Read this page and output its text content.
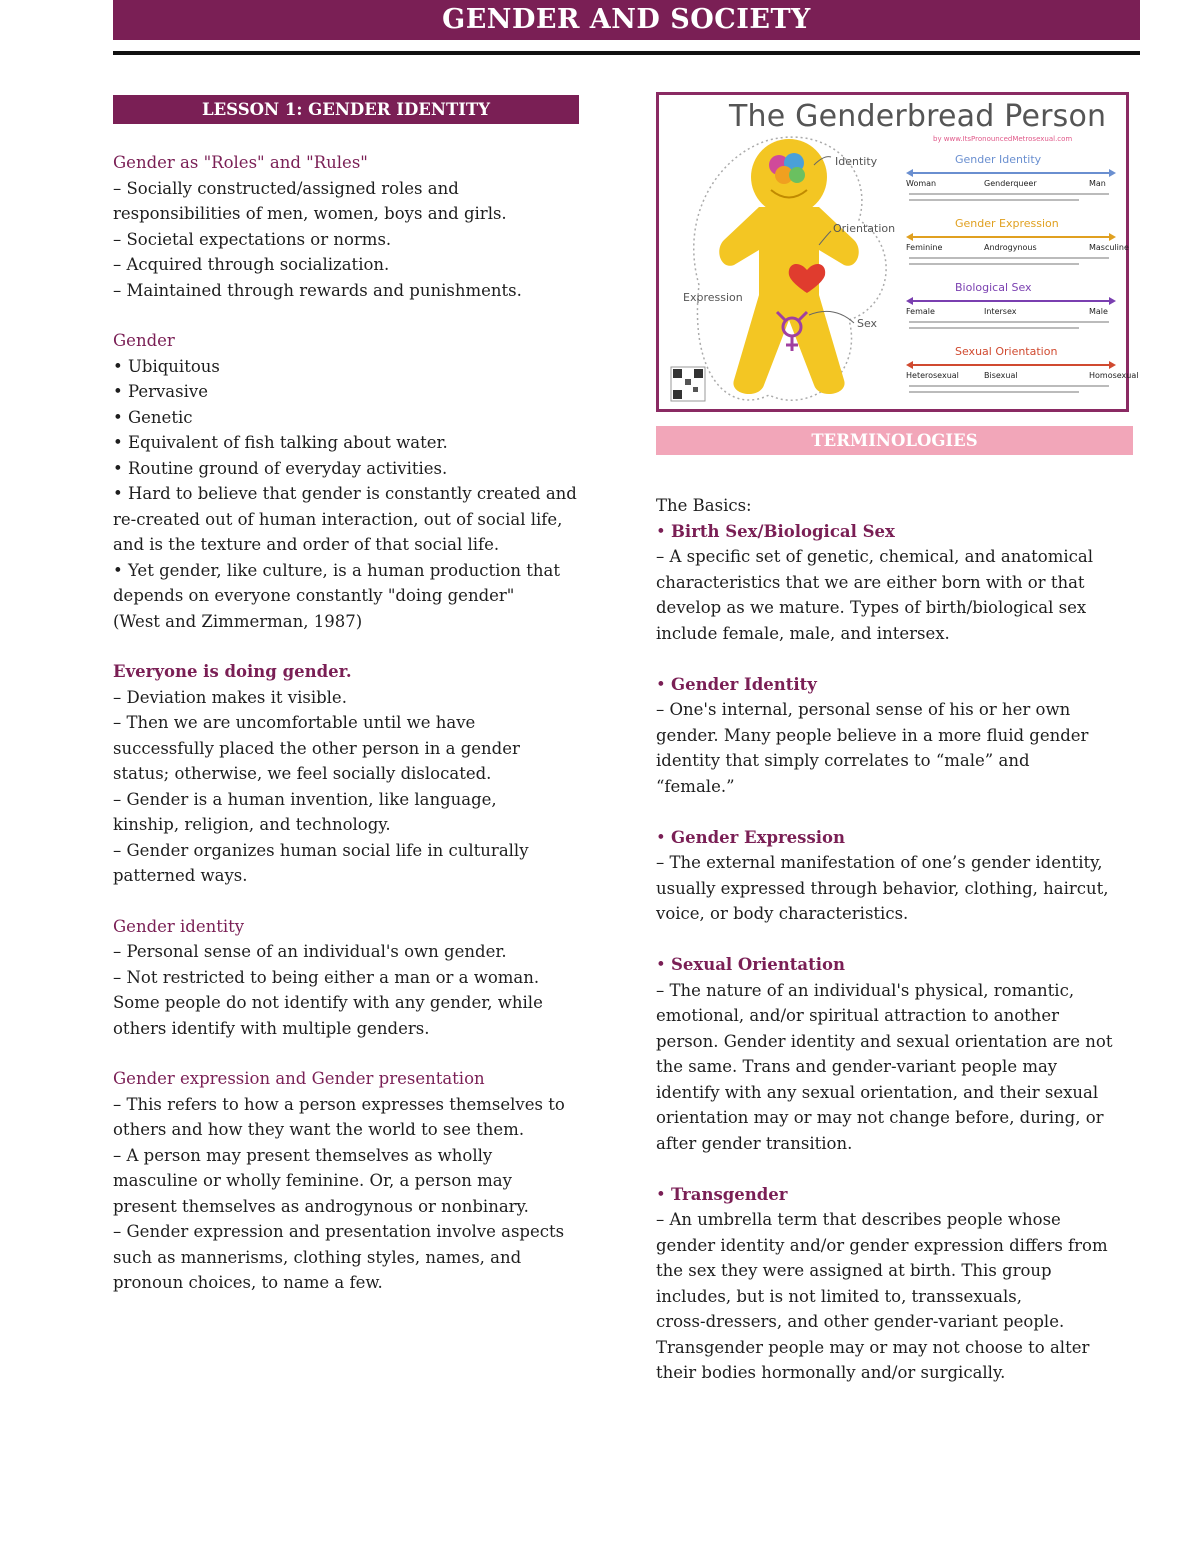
GENDER AND SOCIETY
LESSON 1: GENDER IDENTITY
Gender as "Roles" and "Rules"
– Socially constructed/assigned roles and
responsibilities of men, women, boys and girls.
– Societal expectations or norms.
– Acquired through socialization.
– Maintained through rewards and punishments.
Gender
• Ubiquitous
• Pervasive
• Genetic
• Equivalent of fish talking about water.
• Routine ground of everyday activities.
• Hard to believe that gender is constantly created and
re-created out of human interaction, out of social life,
and is the texture and order of that social life.
• Yet gender, like culture, is a human production that
depends on everyone constantly "doing gender"
(West and Zimmerman, 1987)
Everyone is doing gender.
– Deviation makes it visible.
– Then we are uncomfortable until we have
successfully placed the other person in a gender
status; otherwise, we feel socially dislocated.
– Gender is a human invention, like language,
kinship, religion, and technology.
– Gender organizes human social life in culturally
patterned ways.
Gender identity
– Personal sense of an individual's own gender.
– Not restricted to being either a man or a woman.
Some people do not identify with any gender, while
others identify with multiple genders.
Gender expression and Gender presentation
– This refers to how a person expresses themselves to
others and how they want the world to see them.
– A person may present themselves as wholly
masculine or wholly feminine. Or, a person may
present themselves as androgynous or nonbinary.
– Gender expression and presentation involve aspects
such as mannerisms, clothing styles, names, and
pronoun choices, to name a few.
The Genderbread Person
by www.ItsPronouncedMetrosexual.com
Identity
Orientation
Expression
Sex
Gender Identity
Woman	Genderqueer	Man
Gender Expression
Feminine	Androgynous	Masculine
Biological Sex
Female	Intersex	Male
Sexual Orientation
Heterosexual	Bisexual	Homosexual
TERMINOLOGIES
The Basics:
• Birth Sex/Biological Sex
– A specific set of genetic, chemical, and anatomical
characteristics that we are either born with or that
develop as we mature. Types of birth/biological sex
include female, male, and intersex.
• Gender Identity
– One's internal, personal sense of his or her own
gender. Many people believe in a more fluid gender
identity that simply correlates to “male” and
“female.”
• Gender Expression
– The external manifestation of one’s gender identity,
usually expressed through behavior, clothing, haircut,
voice, or body characteristics.
• Sexual Orientation
– The nature of an individual's physical, romantic,
emotional, and/or spiritual attraction to another
person. Gender identity and sexual orientation are not
the same. Trans and gender-variant people may
identify with any sexual orientation, and their sexual
orientation may or may not change before, during, or
after gender transition.
• Transgender
– An umbrella term that describes people whose
gender identity and/or gender expression differs from
the sex they were assigned at birth. This group
includes, but is not limited to, transsexuals,
cross-dressers, and other gender-variant people.
Transgender people may or may not choose to alter
their bodies hormonally and/or surgically.
